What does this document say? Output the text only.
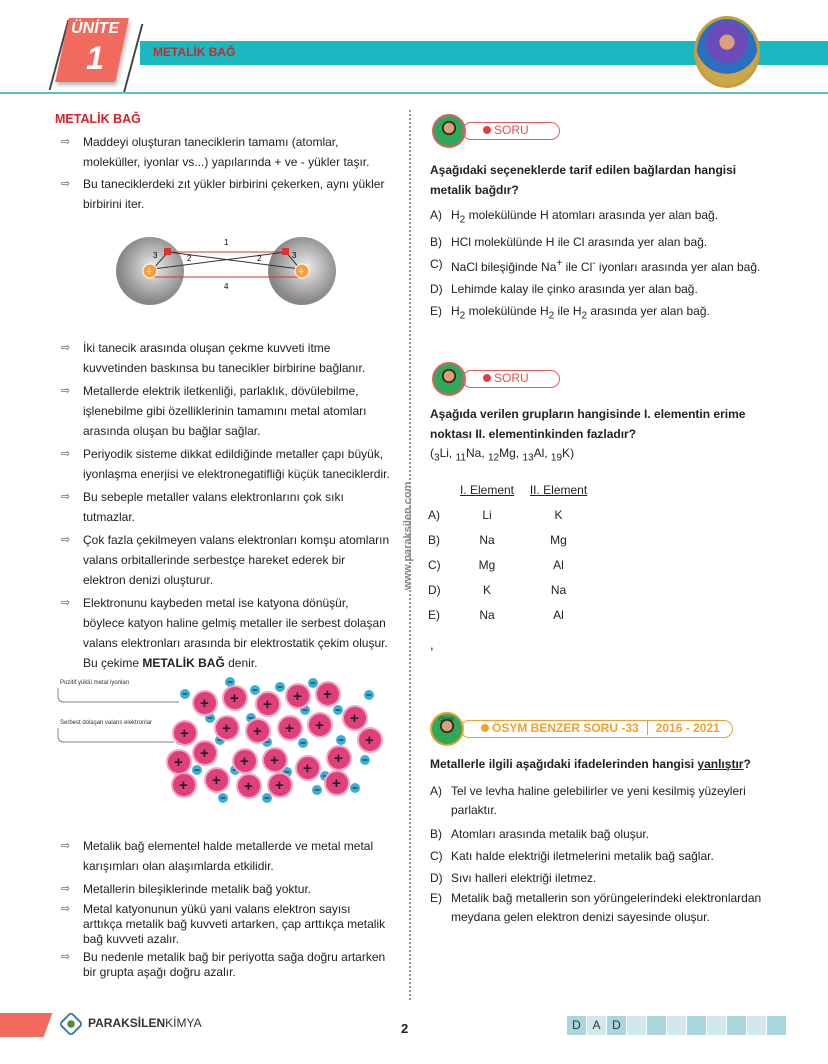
ÜNİTE
1	METALİK BAĞ
METALİK BAĞ
⇨ Maddeyi oluşturan taneciklerin tamamı (atomlar, moleküller, iyonlar vs...) yapılarında + ve - yükler taşır.
⇨ Bu taneciklerdeki zıt yükler birbirini çekerken, aynı yükler birbirini iter.
+	+
1
2	2
3	3
4
⇨ İki tanecik arasında oluşan çekme kuvveti itme kuvvetinden baskınsa bu tanecikler birbirine bağlanır.
⇨ Metallerde elektrik iletkenliği, parlaklık, dövülebilme, işlenebilme gibi özelliklerinin tamamını metal atomları arasında oluşan bu bağlar sağlar.
⇨ Periyodik sisteme dikkat edildiğinde metaller çapı büyük, iyonlaşma enerjisi ve elektronegatifliği küçük taneciklerdir.
⇨ Bu sebeple metaller valans elektronlarını çok sıkı tutmazlar.
⇨ Çok fazla çekilmeyen valans elektronları komşu atomların valans orbitallerinde serbestçe hareket ederek bir elektron denizi oluşturur.
⇨ Elektronunu kaybeden metal ise katyona dönüşür, böylece katyon haline gelmiş metaller ile serbest dolaşan valans elektronları arasında bir elektrostatik çekim oluşur. Bu çekime METALİK BAĞ denir.
Pozitif yüklü metal iyonları
Serbest dolaşan valans elektronlar
+ + + + +
+ + + + + +
+
+
+ + + +
+
+ + + +	+
⇨ Metalik bağ elementel halde metallerde ve metal metal karışımları olan alaşımlarda etkilidir.
⇨ Metallerin bileşiklerinde metalik bağ yoktur.
⇨ Metal katyonunun yükü yani valans elektron sayısı arttıkça metalik bağ kuvveti artarken, çap arttıkça metalik bağ kuvveti azalır.
⇨ Bu nedenle metalik bağ bir periyotta sağa doğru artarken bir grupta aşağı doğru azalır.
www.paraksilen.com
SORU
Aşağıdaki seçeneklerde tarif edilen bağlardan hangisi metalik bağdır?
A) $H_2$ molekülünde H atomları arasında yer alan bağ.
B) HCl molekülünde H ile Cl arasında yer alan bağ.
C) NaCl bileşiğinde Na+ ile Cl- iyonları arasında yer alan bağ.
D) Lehimde kalay ile çinko arasında yer alan bağ.
E) $H_2$ molekülünde $H_2$ ile $H_2$ arasında yer alan bağ.
SORU
Aşağıda verilen grupların hangisinde I. elementin erime noktası II. elementinkinden fazladır?
($_3Li$, $_{11}$Na, $_{12}$Mg, $_{13}$Al, $_{19}$K)
	I. Element	II. Element
A)	Li	K
B)	Na	Mg
C)	Mg	Al
D)	K	Na
E)	Na	Al
,
ÖSYM
ÖSYM BENZER SORU -33 2016 - 2021
Metallerle ilgili aşağıdaki ifadelerinden hangisi yanlıştır?
A) Tel ve levha haline gelebilirler ve yeni kesilmiş yüzeyleri parlaktır.
B) Atomları arasında metalik bağ oluşur.
C) Katı halde elektriği iletmelerini metalik bağ sağlar.
D) Sıvı halleri elektriği iletmez.
E) Metalik bağ metallerin son yörüngelerindeki elektronlardan meydana gelen elektron denizi sayesinde oluşur.
PARAKSİLENKİMYA	2	D A D
